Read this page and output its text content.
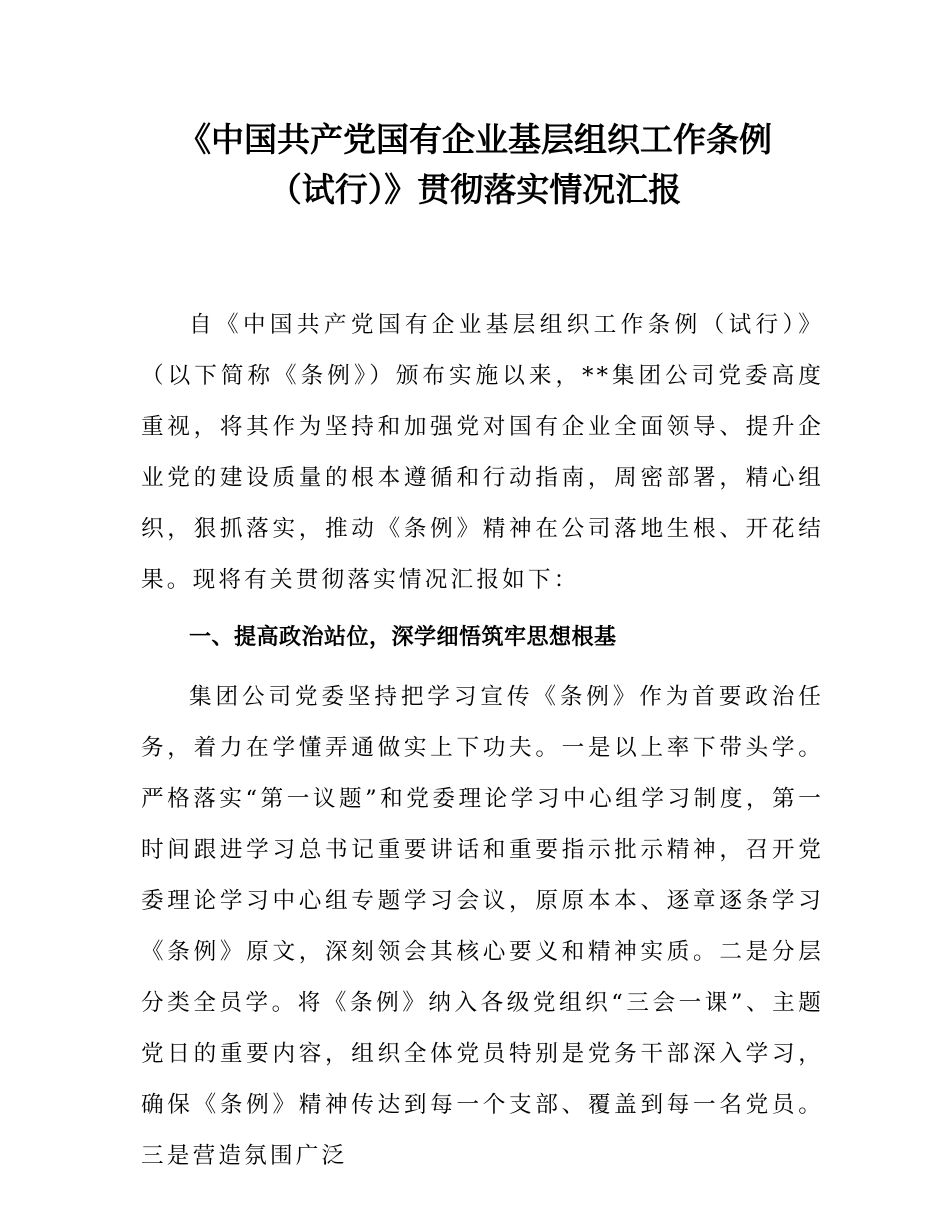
《中国共产党国有企业基层组织工作条例
（试行）》贯彻落实情况汇报

自《中国共产党国有企业基层组织工作条例（试行）》（以下简称《条例》）颁布实施以来，**集团公司党委高度重视，将其作为坚持和加强党对国有企业全面领导、提升企业党的建设质量的根本遵循和行动指南，周密部署，精心组织，狠抓落实，推动《条例》精神在公司落地生根、开花结果。现将有关贯彻落实情况汇报如下：

一、提高政治站位，深学细悟筑牢思想根基

集团公司党委坚持把学习宣传《条例》作为首要政治任务，着力在学懂弄通做实上下功夫。一是以上率下带头学。严格落实“第一议题”和党委理论学习中心组学习制度，第一时间跟进学习总书记重要讲话和重要指示批示精神，召开党委理论学习中心组专题学习会议，原原本本、逐章逐条学习《条例》原文，深刻领会其核心要义和精神实质。二是分层分类全员学。将《条例》纳入各级党组织“三会一课”、主题党日的重要内容，组织全体党员特别是党务干部深入学习，确保《条例》精神传达到每一个支部、覆盖到每一名党员。三是营造氛围广泛
